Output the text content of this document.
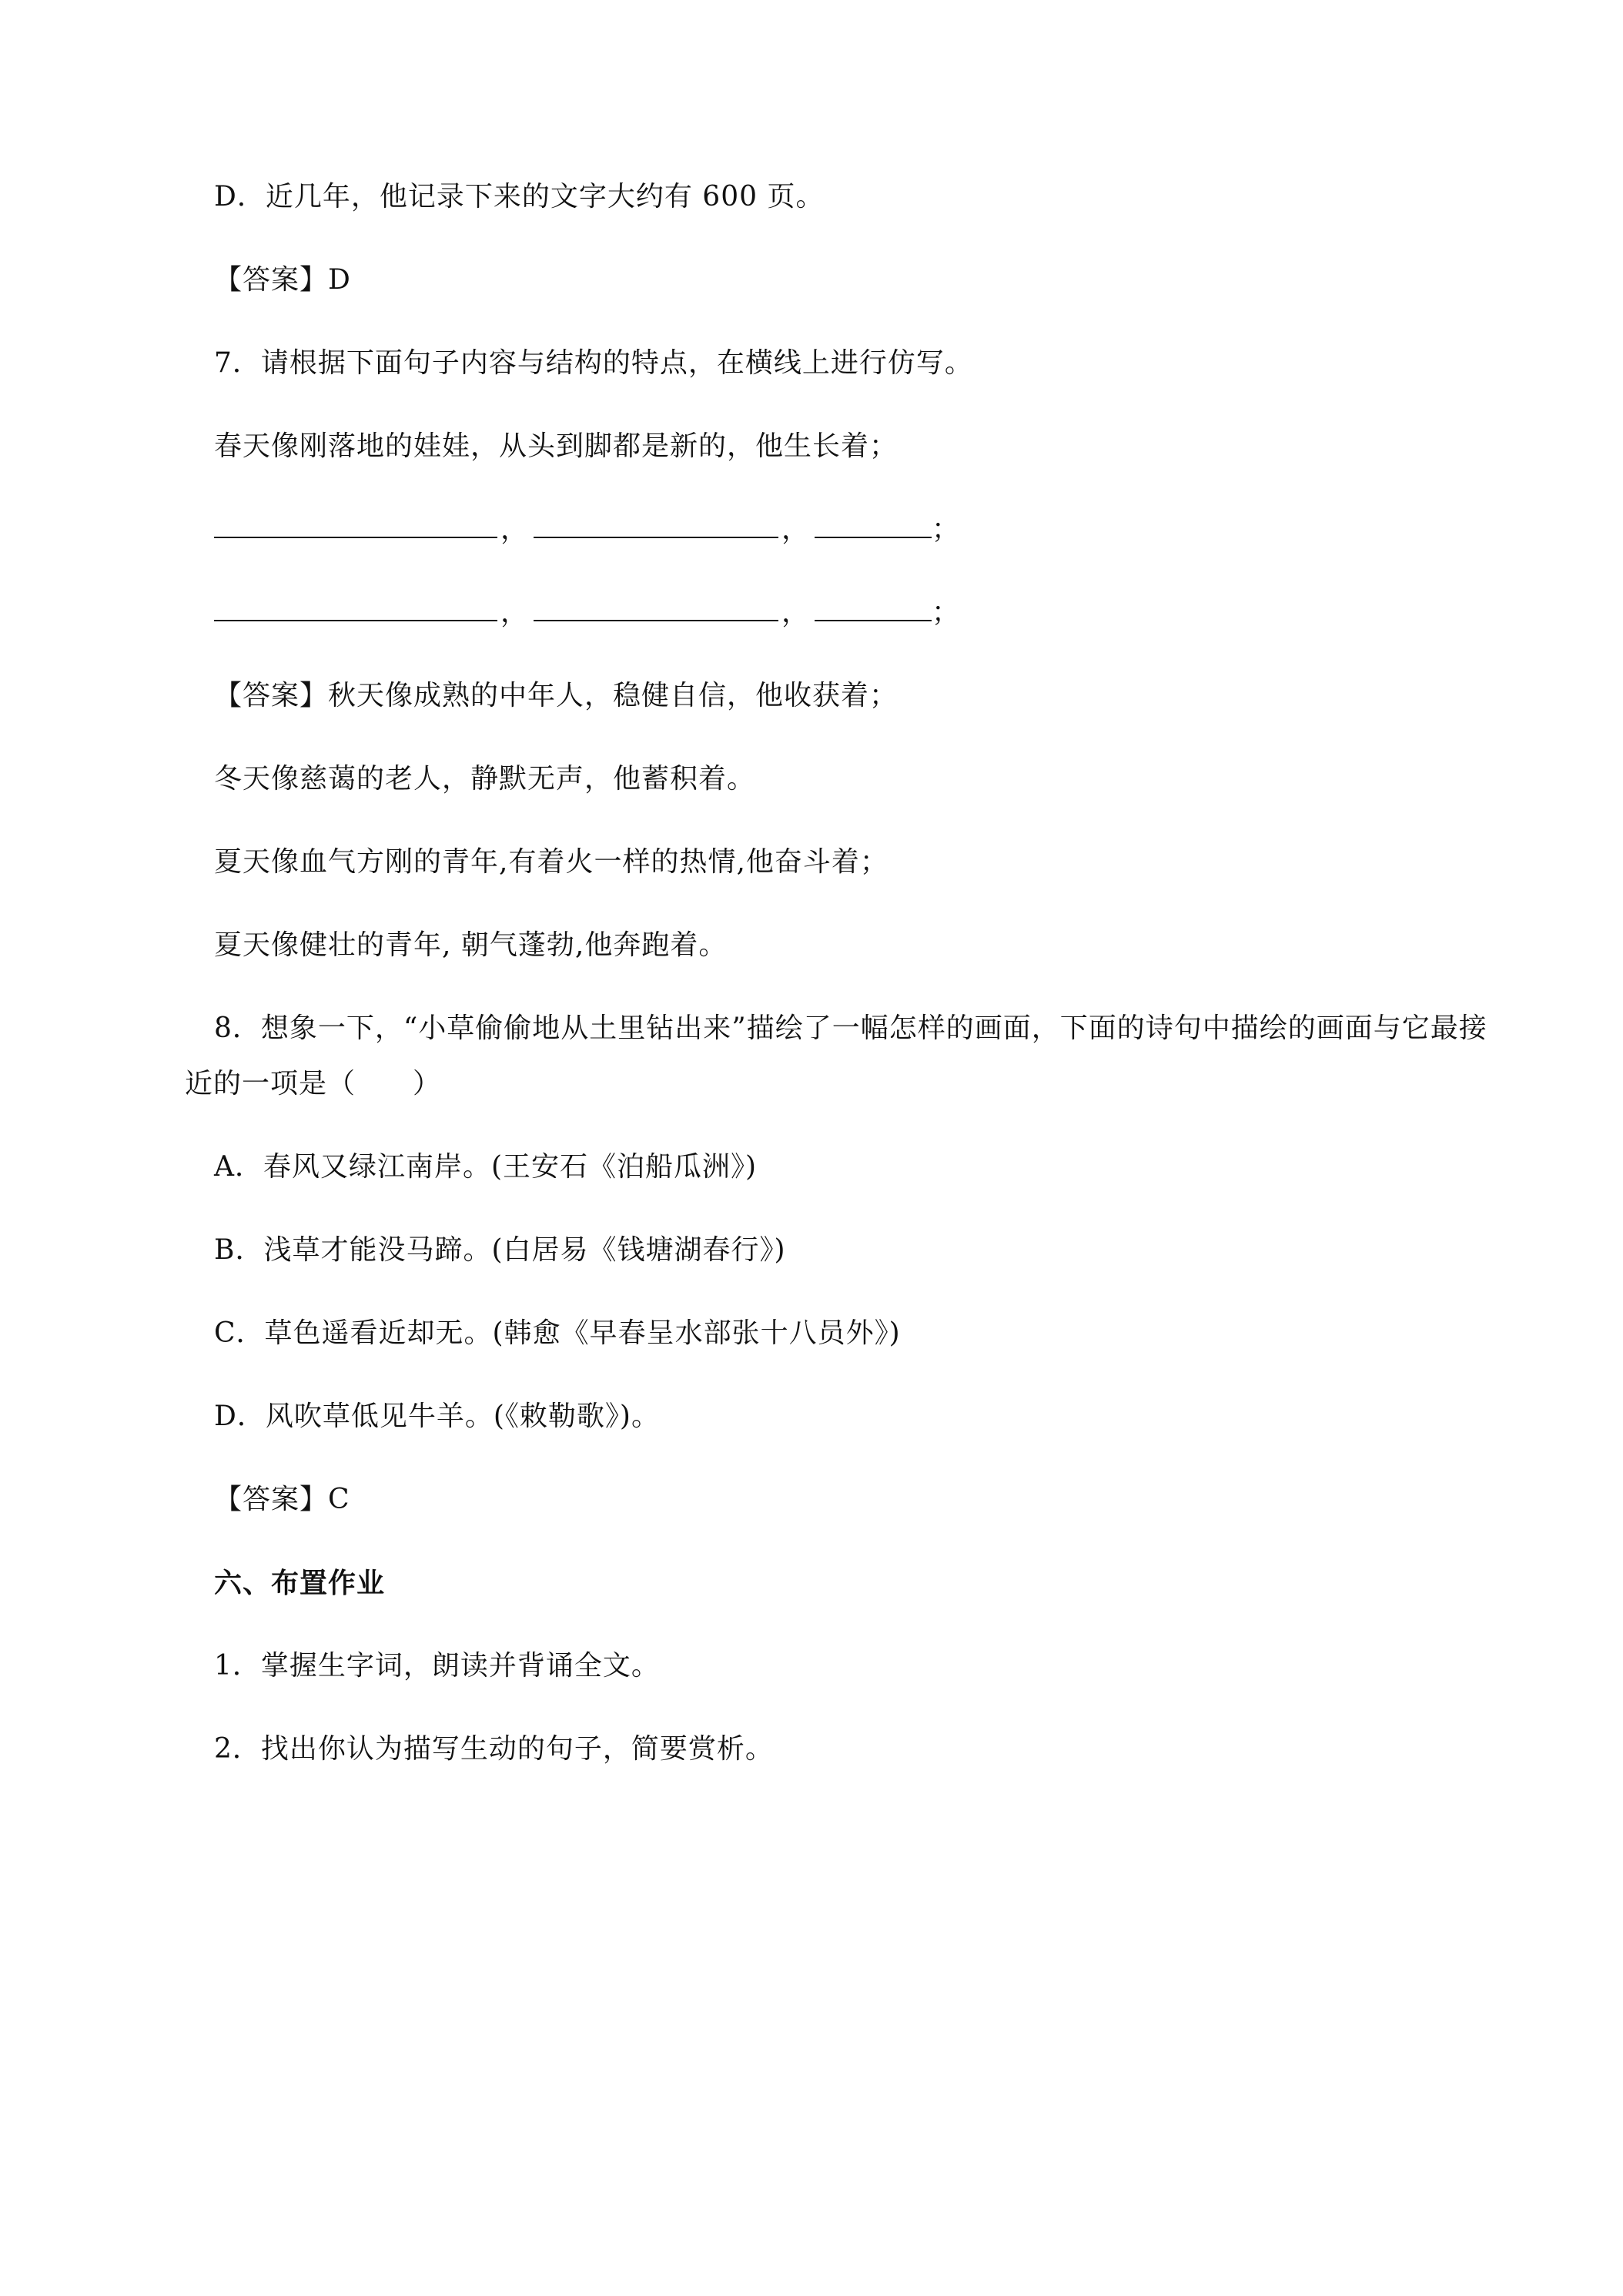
D．近几年，他记录下来的文字大约有 600 页。
【答案】D
7．请根据下面句子内容与结构的特点，在横线上进行仿写。
春天像刚落地的娃娃，从头到脚都是新的，他生长着；
，	，	；
，	，	；
【答案】秋天像成熟的中年人，稳健自信，他收获着；
冬天像慈蔼的老人，静默无声，他蓄积着。
夏天像血气方刚的青年,有着火一样的热情,他奋斗着；
夏天像健壮的青年, 朝气蓬勃,他奔跑着。
8．想象一下，“小草偷偷地从土里钻出来”描绘了一幅怎样的画面，下面的诗句中描绘的画面与它最接
近的一项是（　　）
A．春风又绿江南岸。(王安石《泊船瓜洲》)
B．浅草才能没马蹄。(白居易《钱塘湖春行》)
C．草色遥看近却无。(韩愈《早春呈水部张十八员外》)
D．风吹草低见牛羊。(《敕勒歌》)。
【答案】C
六、布置作业
1．掌握生字词，朗读并背诵全文。
2．找出你认为描写生动的句子，简要赏析。
